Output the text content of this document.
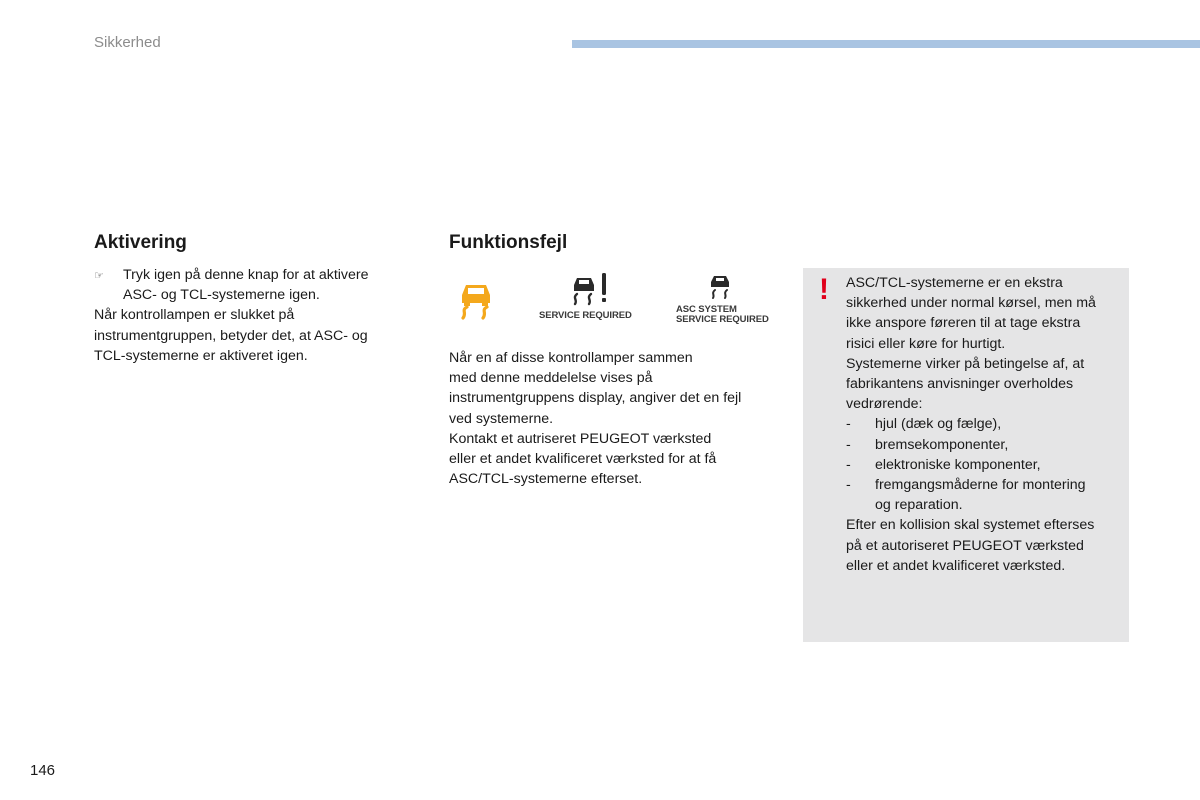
Sikkerhed
Aktivering
☞	Tryk igen på denne knap for at aktivere
ASC- og TCL-systemerne igen.
Når kontrollampen er slukket på
instrumentgruppen, betyder det, at ASC- og
TCL-systemerne er aktiveret igen.
Funktionsfejl
SERVICE REQUIRED
ASC SYSTEM
SERVICE REQUIRED
Når en af disse kontrollamper sammen
med denne meddelelse vises på
instrumentgruppens display, angiver det en fejl
ved systemerne.
Kontakt et autriseret PEUGEOT værksted
eller et andet kvalificeret værksted for at få
ASC/TCL-systemerne efterset.
! ASC/TCL-systemerne er en ekstra
sikkerhed under normal kørsel, men må
ikke anspore føreren til at tage ekstra
risici eller køre for hurtigt.
Systemerne virker på betingelse af, at
fabrikantens anvisninger overholdes
vedrørende:
-	hjul (dæk og fælge),
-	bremsekomponenter,
-	elektroniske komponenter,
-	fremgangsmåderne for montering
og reparation.
Efter en kollision skal systemet efterses
på et autoriseret PEUGEOT værksted
eller et andet kvalificeret værksted.
146
